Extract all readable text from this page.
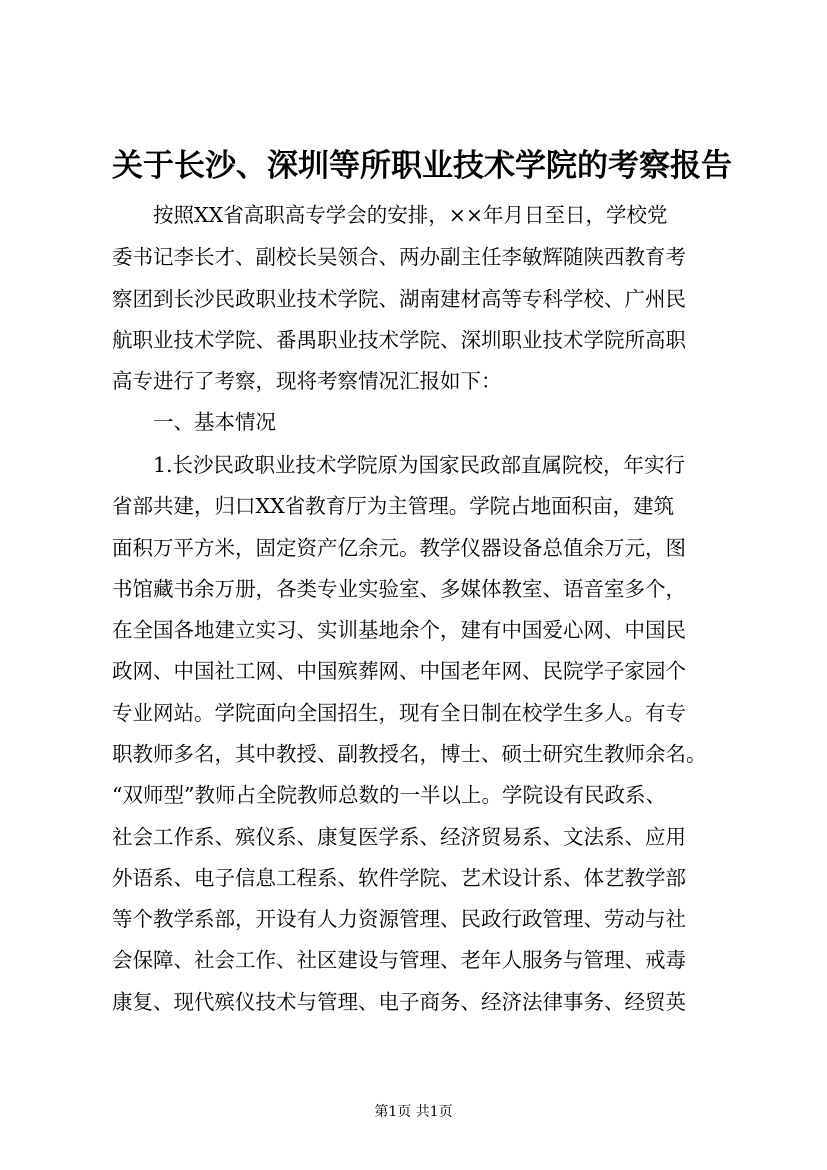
关于长沙、深圳等所职业技术学院的考察报告
　　按照XX省高职高专学会的安排，××年月日至日，学校党
委书记李长才、副校长吴领合、两办副主任李敏辉随陕西教育考
察团到长沙民政职业技术学院、湖南建材高等专科学校、广州民
航职业技术学院、番禺职业技术学院、深圳职业技术学院所高职
高专进行了考察，现将考察情况汇报如下：
　　一、基本情况
　　1.长沙民政职业技术学院原为国家民政部直属院校，年实行
省部共建，归口XX省教育厅为主管理。学院占地面积亩，建筑
面积万平方米，固定资产亿余元。教学仪器设备总值余万元，图
书馆藏书余万册，各类专业实验室、多媒体教室、语音室多个，
在全国各地建立实习、实训基地余个，建有中国爱心网、中国民
政网、中国社工网、中国殡葬网、中国老年网、民院学子家园个
专业网站。学院面向全国招生，现有全日制在校学生多人。有专
职教师多名，其中教授、副教授名，博士、硕士研究生教师余名。
“双师型”教师占全院教师总数的一半以上。学院设有民政系、
社会工作系、殡仪系、康复医学系、经济贸易系、文法系、应用
外语系、电子信息工程系、软件学院、艺术设计系、体艺教学部
等个教学系部，开设有人力资源管理、民政行政管理、劳动与社
会保障、社会工作、社区建设与管理、老年人服务与管理、戒毒
康复、现代殡仪技术与管理、电子商务、经济法律事务、经贸英
第1页 共1页
